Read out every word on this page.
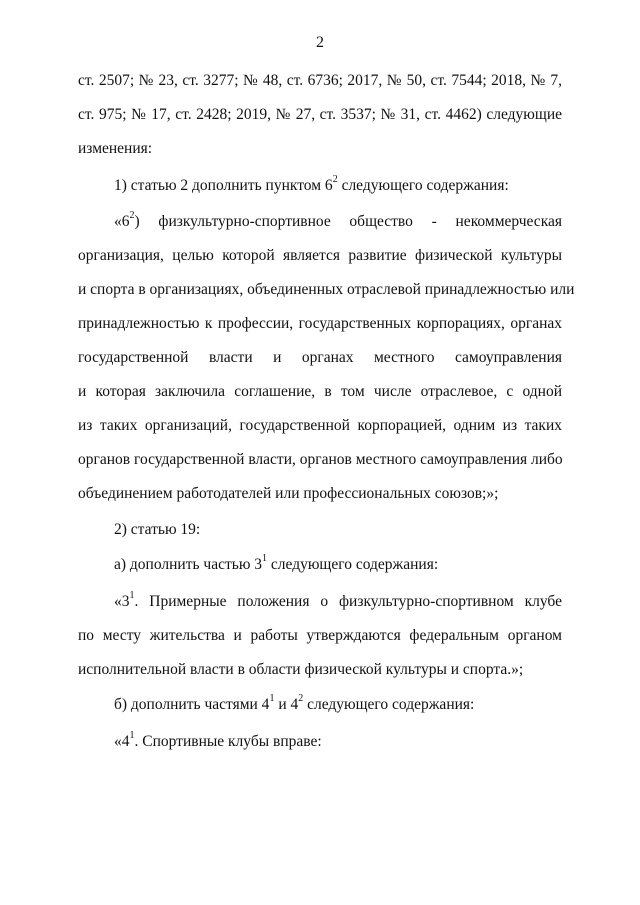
2
ст. 2507; № 23, ст. 3277; № 48, ст. 6736; 2017, № 50, ст. 7544; 2018, № 7,
ст. 975; № 17, ст. 2428; 2019, № 27, ст. 3537; № 31, ст. 4462) следующие
изменения:
1) статью 2 дополнить пунктом $6^2$ следующего содержания:
«$6^2$) физкультурно-спортивное общество - некоммерческая
организация, целью которой является развитие физической культуры
и спорта в организациях, объединенных отраслевой принадлежностью или
принадлежностью к профессии, государственных корпорациях, органах
государственной власти и органах местного самоуправления
и которая заключила соглашение, в том числе отраслевое, с одной
из таких организаций, государственной корпорацией, одним из таких
органов государственной власти, органов местного самоуправления либо
объединением работодателей или профессиональных союзов;»;
2) статью 19:
а) дополнить частью $3^1$ следующего содержания:
«$3^1$. Примерные положения о физкультурно-спортивном клубе
по месту жительства и работы утверждаются федеральным органом
исполнительной власти в области физической культуры и спорта.»;
б) дополнить частями $4^1$ и $4^2$ следующего содержания:
«$4^1$. Спортивные клубы вправе:
